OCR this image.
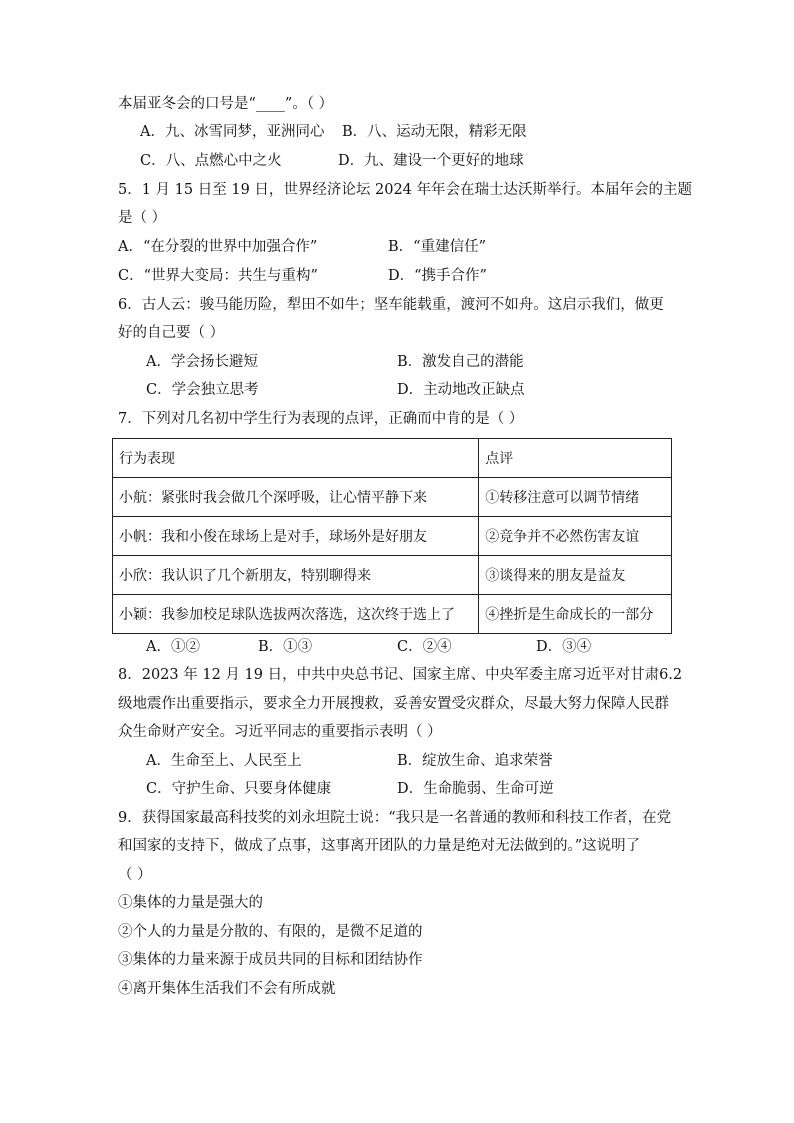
本届亚冬会的口号是“____”。（ ）
A．九、冰雪同梦，亚洲同心 B．八、运动无限，精彩无限
C．八、点燃心中之火	D．九、建设一个更好的地球
5．1 月 15 日至 19 日，世界经济论坛 2024 年年会在瑞士达沃斯举行。本届年会的主题
是（ ）
A．“在分裂的世界中加强合作”	B．“重建信任”
C．“世界大变局：共生与重构”	D．“携手合作”
6．古人云：骏马能历险，犁田不如牛；坚车能载重，渡河不如舟。这启示我们，做更
好的自己要（ ）
A．学会扬长避短	B．激发自己的潜能
C．学会独立思考	D．主动地改正缺点
7．下列对几名初中学生行为表现的点评，正确而中肯的是（ ）
行为表现	点评
小航：紧张时我会做几个深呼吸，让心情平静下来	①转移注意可以调节情绪
小帆：我和小俊在球场上是对手，球场外是好朋友	②竞争并不必然伤害友谊
小欣：我认识了几个新朋友，特别聊得来	③谈得来的朋友是益友
小颖：我参加校足球队选拔两次落选，这次终于选上了	④挫折是生命成长的一部分
A．①②	B．①③	C．②④	D．③④
8．2023 年 12 月 19 日，中共中央总书记、国家主席、中央军委主席习近平对甘肃6.2
级地震作出重要指示，要求全力开展搜救，妥善安置受灾群众，尽最大努力保障人民群
众生命财产安全。习近平同志的重要指示表明（ ）
A．生命至上、人民至上	B．绽放生命、追求荣誉
C．守护生命、只要身体健康	D．生命脆弱、生命可逆
9．获得国家最高科技奖的刘永坦院士说：“我只是一名普通的教师和科技工作者，在党
和国家的支持下，做成了点事，这事离开团队的力量是绝对无法做到的。”这说明了
（ ）
①集体的力量是强大的
②个人的力量是分散的、有限的，是微不足道的
③集体的力量来源于成员共同的目标和团结协作
④离开集体生活我们不会有所成就
